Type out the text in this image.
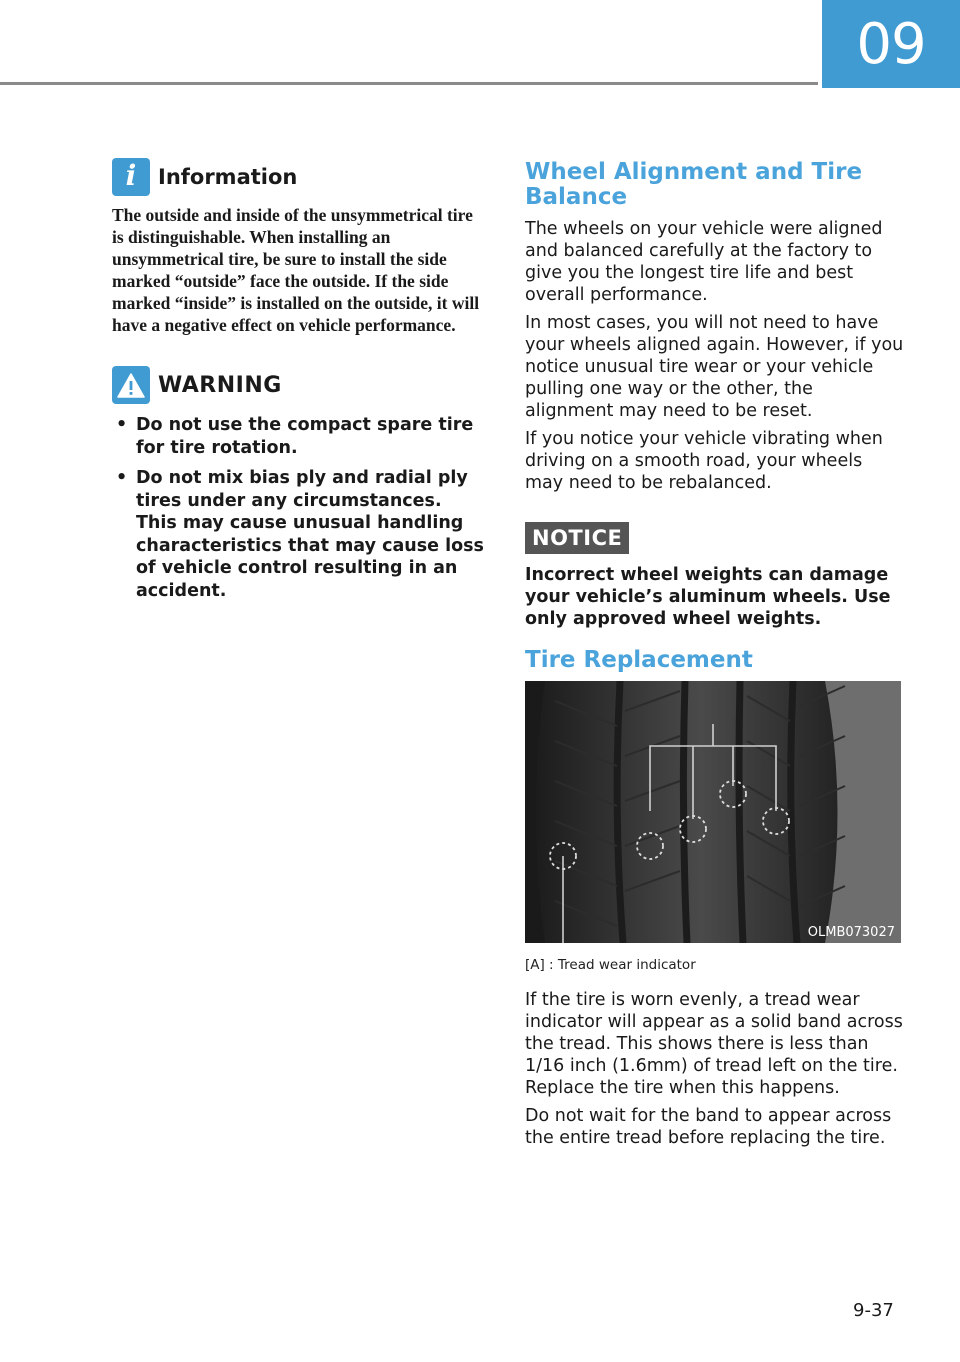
09
i	Information

The outside and inside of the unsymmetrical tire is distinguishable. When installing an unsymmetrical tire, be sure to install the side marked “outside” face the outside. If the side marked “inside” is installed on the outside, it will have a negative effect on vehicle performance.

WARNING
• Do not use the compact spare tire for tire rotation.
• Do not mix bias ply and radial ply tires under any circumstances. This may cause unusual handling characteristics that may cause loss of vehicle control resulting in an accident.
Wheel Alignment and Tire Balance

The wheels on your vehicle were aligned and balanced carefully at the factory to give you the longest tire life and best overall performance.

In most cases, you will not need to have your wheels aligned again. However, if you notice unusual tire wear or your vehicle pulling one way or the other, the alignment may need to be reset.

If you notice your vehicle vibrating when driving on a smooth road, your wheels may need to be rebalanced.

NOTICE

Incorrect wheel weights can damage your vehicle’s aluminum wheels. Use only approved wheel weights.

Tire Replacement
OLMB073027

[A] : Tread wear indicator

If the tire is worn evenly, a tread wear indicator will appear as a solid band across the tread. This shows there is less than 1/16 inch (1.6mm) of tread left on the tire. Replace the tire when this happens.

Do not wait for the band to appear across the entire tread before replacing the tire.

9-37
